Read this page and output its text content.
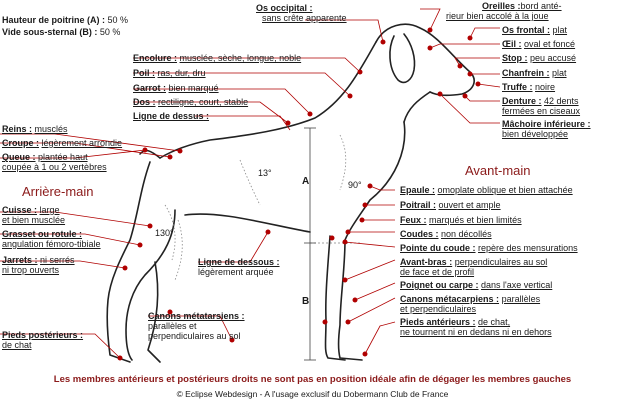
Hauteur de poitrine (A) : 50 %
Vide sous-sternal (B) : 50 %
Os occipital :
sans crête apparente
Oreilles : bord anté-
rieur bien accolé à la joue
Os frontal : plat
Œil : oval et foncé
Stop : peu accusé
Chanfrein : plat
Truffe : noire
Denture : 42 dents
fermées en ciseaux
Mâchoire inférieure :
bien développée
Encolure : musclée, sèche, longue, noble
Poil : ras, dur, dru
Garrot : bien marqué
Dos : rectiligne, court, stable
Ligne de dessus :
Reins : musclés
Croupe : légèrement arrondie
Queue : plantée haut
coupée à 1 ou 2 vertèbres
Arrière-main
Cuisse : large
et bien musclée
Grasset ou rotule :
angulation fémoro-tibiale
Jarrets : ni serrés
ni trop ouverts
Pieds postérieurs :
de chat
Ligne de dessous :
légèrement arquée
Canons métatarsiens :
parallèles et
perpendiculaires au sol
Avant-main
Epaule : omoplate oblique et bien attachée
Poitrail : ouvert et ample
Feux : marqués et bien limités
Coudes : non décollés
Pointe du coude : repère des mensurations
Avant-bras : perpendiculaires au sol
de face et de profil
Poignet ou carpe : dans l'axe vertical
Canons métacarpiens : parallèles
et perpendiculaires
Pieds antérieurs : de chat,
ne tournent ni en dedans ni en dehors
13°
90°
130°
A
B
Les membres antérieurs et postérieurs droits ne sont pas en position idéale afin de dégager les membres gauches
© Eclipse Webdesign - A l'usage exclusif du Dobermann Club de France
